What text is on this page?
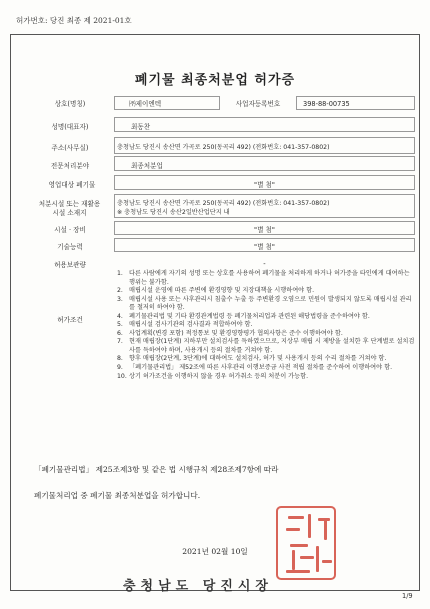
허가번호: 당진 최종 제 2021-01호
폐기물 최종처분업 허가증
상호(명칭)	㈜제이엔텍	사업자등록번호	398-88-00735
성명(대표자)	최동찬
주소(사무실)	충청남도 당진시 송산면 가곡로 250(동곡리 492) (전화번호: 041-357-0802)
전문처리분야	최종처분업
영업대상 폐기물	"별 첨"
처분시설 또는 재활용
시설 소재지
충청남도 당진시 송산면 가곡로 250(동곡리 492) (전화번호: 041-357-0802)
※ 충청남도 당진시 송산2일반산업단지 내
시설 · 장비	"별 첨"
기술능력	"별 첨"
허용보관량	-
허가조건
1. 다른 사람에게 자기의 성명 또는 상호를 사용하여 폐기물을 처리하게 하거나 허가증을 타인에게 대여하는 행위는 불가함.
2. 매립시설 운영에 따른 주변에 환경영향 및 지장대책을 시행하여야 함.
3. 매립시설 사용 또는 사후관리시 침출수 누출 등 주변환경 오염으로 민원이 발생되지 않도록 매립시설 관리를 철저히 하여야 함.
4. 폐기물관리법 및 기타 환경관계법령 등 폐기물처리업과 관련된 해당법령을 준수하여야 함.
5. 매립시설 검사기관의 검사결과 적합하여야 함.
6. 사업계획(변경 포함) 적정통보 및 환경영향평가 협의사항은 준수 이행하여야 함.
7. 현재 매립장(1단계) 지하부만 설치검사를 득하였으므로, 지상부 매립 시 제방을 설치한 후 단계별로 설치검사를 득하여야 하며, 사용개시 등의 절차를 거쳐야 함.
8. 향후 매립장(2단계, 3단계)에 대하여도 설치검사, 허가 및 사용개시 등의 수리 절차를 거쳐야 함.
9. 「폐기물관리법」 제52조에 따른 사후관리 이행보증금 사전 적립 절차를 준수하여 이행하여야 함.
10. 상기 허가조건을 이행하지 않을 경우 허가취소 등의 처분이 가능함.
「폐기물관리법」 제25조제3항 및 같은 법 시행규칙 제28조제7항에 따라
폐기물처리업 중 폐기물 최종처분업을 허가합니다.
2021년 02월 10일
충청남도 당진시장
1/9
